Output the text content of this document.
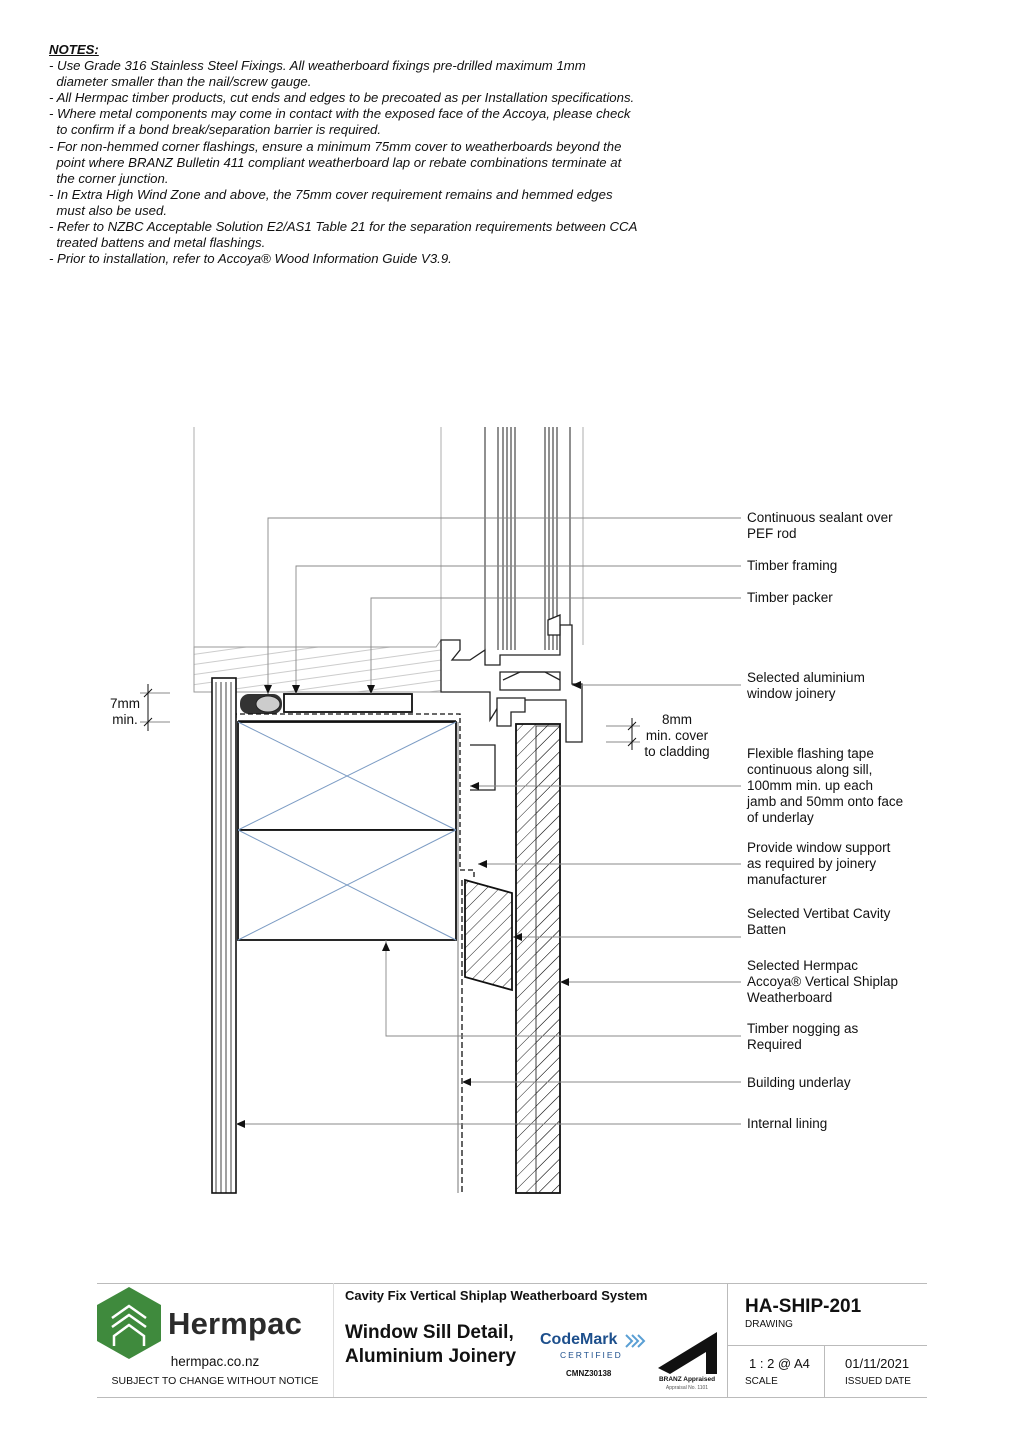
NOTES:
- Use Grade 316 Stainless Steel Fixings. All weatherboard fixings pre-drilled maximum 1mm
diameter smaller than the nail/screw gauge.
- All Hermpac timber products, cut ends and edges to be precoated as per Installation specifications.
- Where metal components may come in contact with the exposed face of the Accoya, please check
to confirm if a bond break/separation barrier is required.
- For non-hemmed corner flashings, ensure a minimum 75mm cover to weatherboards beyond the
point where BRANZ Bulletin 411 compliant weatherboard lap or rebate combinations terminate at
the corner junction.
- In Extra High Wind Zone and above, the 75mm cover requirement remains and hemmed edges
must also be used.
- Refer to NZBC Acceptable Solution E2/AS1 Table 21 for the separation requirements between CCA
treated battens and metal flashings.
- Prior to installation, refer to Accoya® Wood Information Guide V3.9.
Continuous sealant over
PEF rod
Timber framing
Timber packer
Selected aluminium
window joinery
Flexible flashing tape
continuous along sill,
100mm min. up each
jamb and 50mm onto face
of underlay
Provide window support
as required by joinery
manufacturer
Selected Vertibat Cavity
Batten
Selected Hermpac
Accoya® Vertical Shiplap
Weatherboard
Timber nogging as
Required
Building underlay
Internal lining
7mm
min.	8mm
min. cover
to cladding
Hermpac
hermpac.co.nz
SUBJECT TO CHANGE WITHOUT NOTICE
Cavity Fix Vertical Shiplap Weatherboard System
Window Sill Detail,
Aluminium Joinery
CodeMark
CERTIFIED
CMNZ30138
BRANZ Appraised
Appraisal No. 1101
HA-SHIP-201
DRAWING
1 : 2 @ A4
SCALE
01/11/2021
ISSUED DATE
